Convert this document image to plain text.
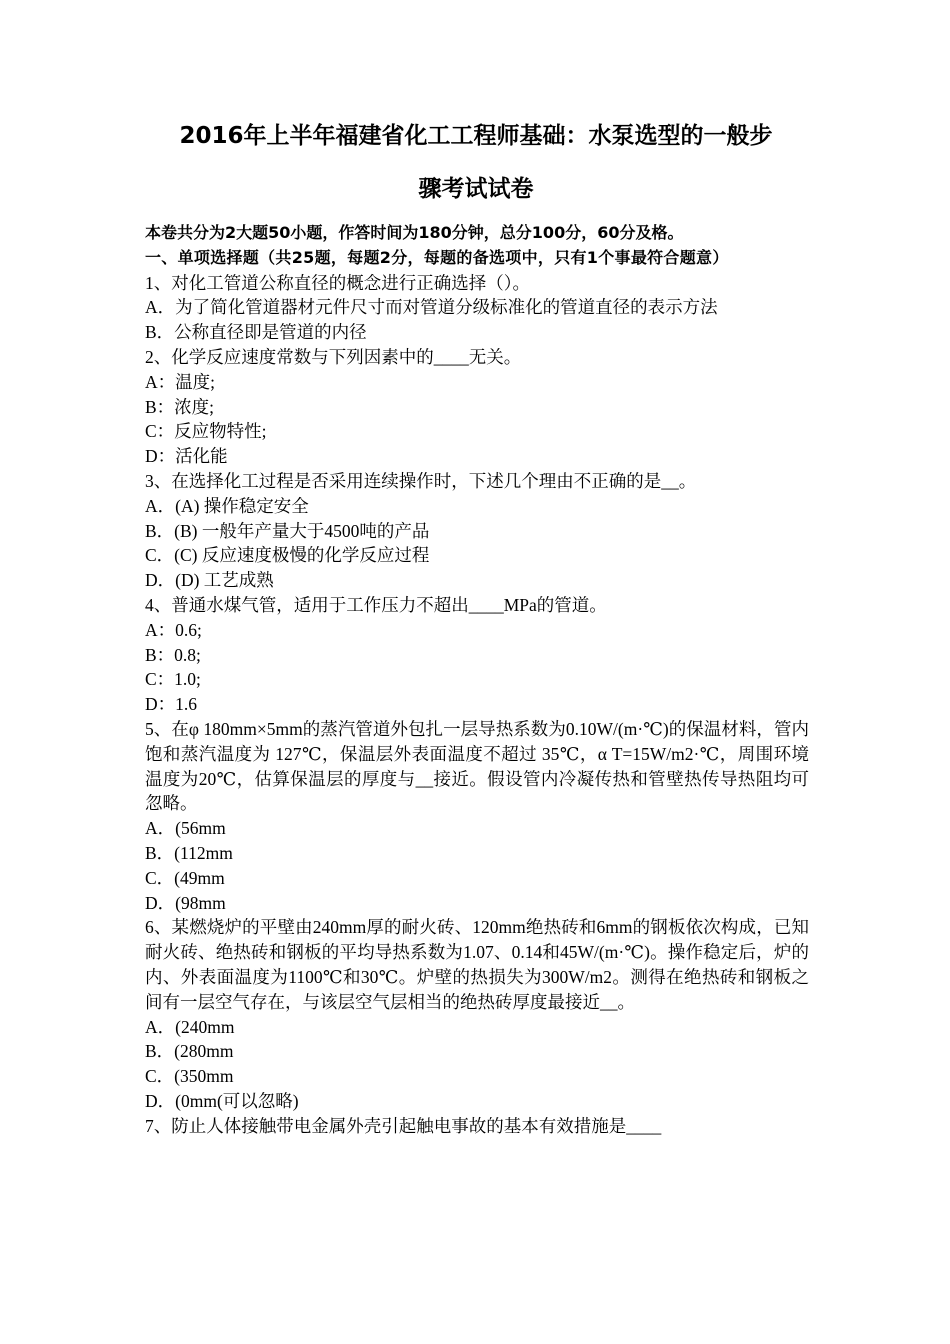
2016年上半年福建省化工工程师基础：水泵选型的一般步
骤考试试卷
本卷共分为2大题50小题，作答时间为180分钟，总分100分，60分及格。
一、单项选择题（共25题，每题2分，每题的备选项中，只有1个事最符合题意）
1、对化工管道公称直径的概念进行正确选择（）。
A．为了简化管道器材元件尺寸而对管道分级标准化的管道直径的表示方法
B．公称直径即是管道的内径
2、化学反应速度常数与下列因素中的____无关。
A：温度;
B：浓度;
C：反应物特性;
D：活化能
3、在选择化工过程是否采用连续操作时，下述几个理由不正确的是__。
A．(A) 操作稳定安全
B．(B) 一般年产量大于4500吨的产品
C．(C) 反应速度极慢的化学反应过程
D．(D) 工艺成熟
4、普通水煤气管，适用于工作压力不超出____MPa的管道。
A：0.6;
B：0.8;
C：1.0;
D：1.6
5、在φ 180mm×5mm的蒸汽管道外包扎一层导热系数为0.10W/(m·℃)的保温材料，管内饱和蒸汽温度为 127℃，保温层外表面温度不超过 35℃，α T=15W/m2·℃，周围环境温度为20℃，估算保温层的厚度与__接近。假设管内冷凝传热和管壁热传导热阻均可忽略。
A．(56mm
B．(112mm
C．(49mm
D．(98mm
6、某燃烧炉的平壁由240mm厚的耐火砖、120mm绝热砖和6mm的钢板依次构成，已知耐火砖、绝热砖和钢板的平均导热系数为1.07、0.14和45W/(m·℃)。操作稳定后，炉的内、外表面温度为1100℃和30℃。炉壁的热损失为300W/m2。测得在绝热砖和钢板之间有一层空气存在，与该层空气层相当的绝热砖厚度最接近__。
A．(240mm
B．(280mm
C．(350mm
D．(0mm(可以忽略)
7、防止人体接触带电金属外壳引起触电事故的基本有效措施是____
